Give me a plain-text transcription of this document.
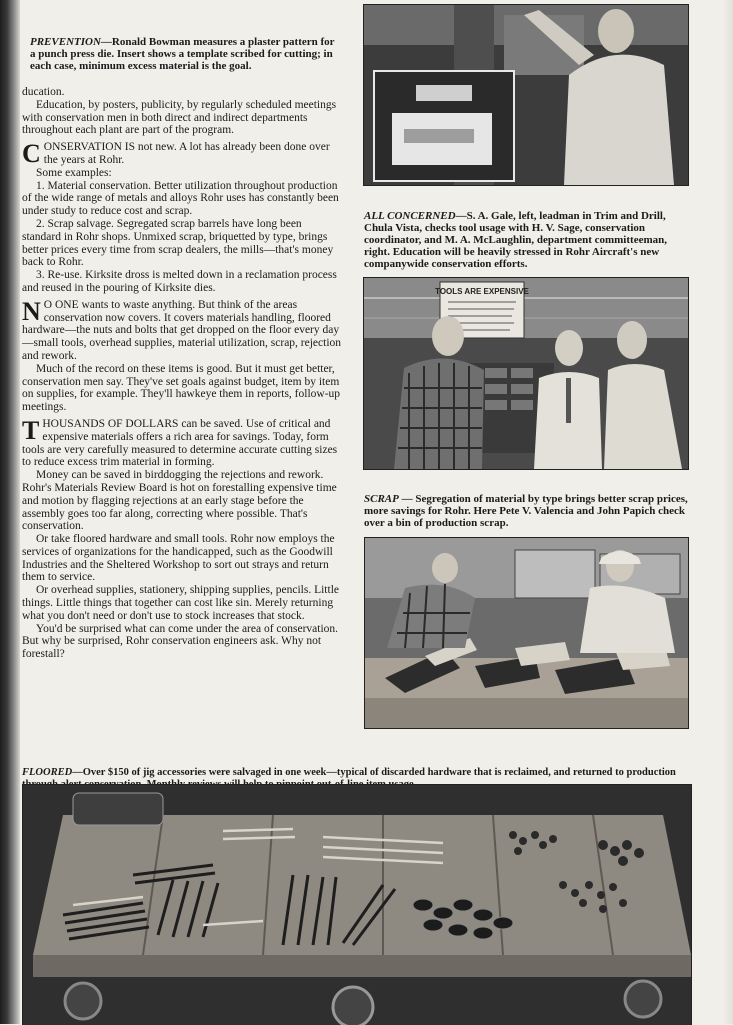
PREVENTION—Ronald Bowman measures a plaster pattern for a punch press die. Insert shows a template scribed for cutting; in each case, minimum excess material is the goal.

ducation.

Education, by posters, publicity, by regularly scheduled meetings with conservation men in both direct and indirect departments throughout each plant are part of the program.

CONSERVATION IS not new. A lot has already been done over the years at Rohr.

Some examples:

1. Material conservation. Better utilization throughout production of the wide range of metals and alloys Rohr uses has constantly been under study to reduce cost and scrap.

2. Scrap salvage. Segregated scrap barrels have long been standard in Rohr shops. Unmixed scrap, briquetted by type, brings better prices every time from scrap dealers, the mills—that's money back to Rohr.

3. Re-use. Kirksite dross is melted down in a reclamation process and reused in the pouring of Kirksite dies.

N O ONE wants to waste anything. But think of the areas conservation now covers. It covers materials handling, floored hardware—the nuts and bolts that get dropped on the floor every day—small tools, overhead supplies, material utilization, scrap, rejection and rework.

Much of the record on these items is good. But it must get better, conservation men say. They've set goals against budget, item by item on supplies, for example. They'll hawkeye them in reports, follow-up meetings.

THOUSANDS OF DOLLARS can be saved. Use of critical and expensive materials offers a rich area for savings. Today, form tools are very carefully measured to determine accurate cutting sizes to reduce excess trim material in forming.

Money can be saved in birddogging the rejections and rework. Rohr's Materials Review Board is hot on forestalling expensive time and motion by flagging rejections at an early stage before the assembly goes too far along, correcting where possible. That's conservation.

Or take floored hardware and small tools. Rohr now employs the services of organizations for the handicapped, such as the Goodwill Industries and the Sheltered Workshop to sort out strays and return them to service.

Or overhead supplies, stationery, shipping supplies, pencils. Little things. Little things that together can cost like sin. Merely returning what you don't need or don't use to stock increases that stock.

You'd be surprised what can come under the area of conservation. But why be surprised, Rohr conservation engineers ask. Why not forestall?

ALL CONCERNED—S. A. Gale, left, leadman in Trim and Drill, Chula Vista, checks tool usage with H. V. Sage, conservation coordinator, and M. A. McLaughlin, department committeeman, right. Education will be heavily stressed in Rohr Aircraft's new companywide conservation efforts.

TOOLS ARE EXPENSIVE

SCRAP — Segregation of material by type brings better scrap prices, more savings for Rohr. Here Pete V. Valencia and John Papich check over a bin of production scrap.

FLOORED—Over $150 of jig accessories were salvaged in one week—typical of discarded hardware that is reclaimed, and returned to production
